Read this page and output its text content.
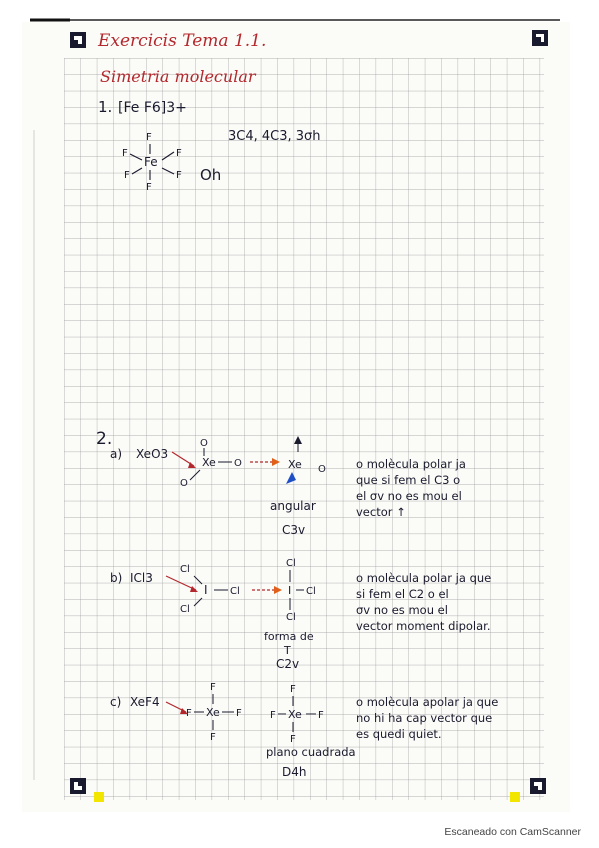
Exercicis Tema 1.1.
Simetria molecular
1. [Fe F6]3+
3C4, 4C3, 3σh
Fe
F
F
F	F
F	F Oh
2.
a) XeO3
Xe
O
O
O
Xe O
angular
C3v
o molècula polar ja
que si fem el C3 o
el σv no es mou el
vector ↑
b) ICl3
I
Cl
Cl
Cl
Cl
I Cl
Cl
forma de
T
C2v
o molècula polar ja que
si fem el C2 o el
σv no es mou el
vector moment dipolar.
c) XeF4
Xe
F
F	F
F
F
F Xe F
F
plano cuadrada
D4h
o molècula apolar ja que
no hi ha cap vector que
es quedi quiet.
Escaneado con CamScanner
